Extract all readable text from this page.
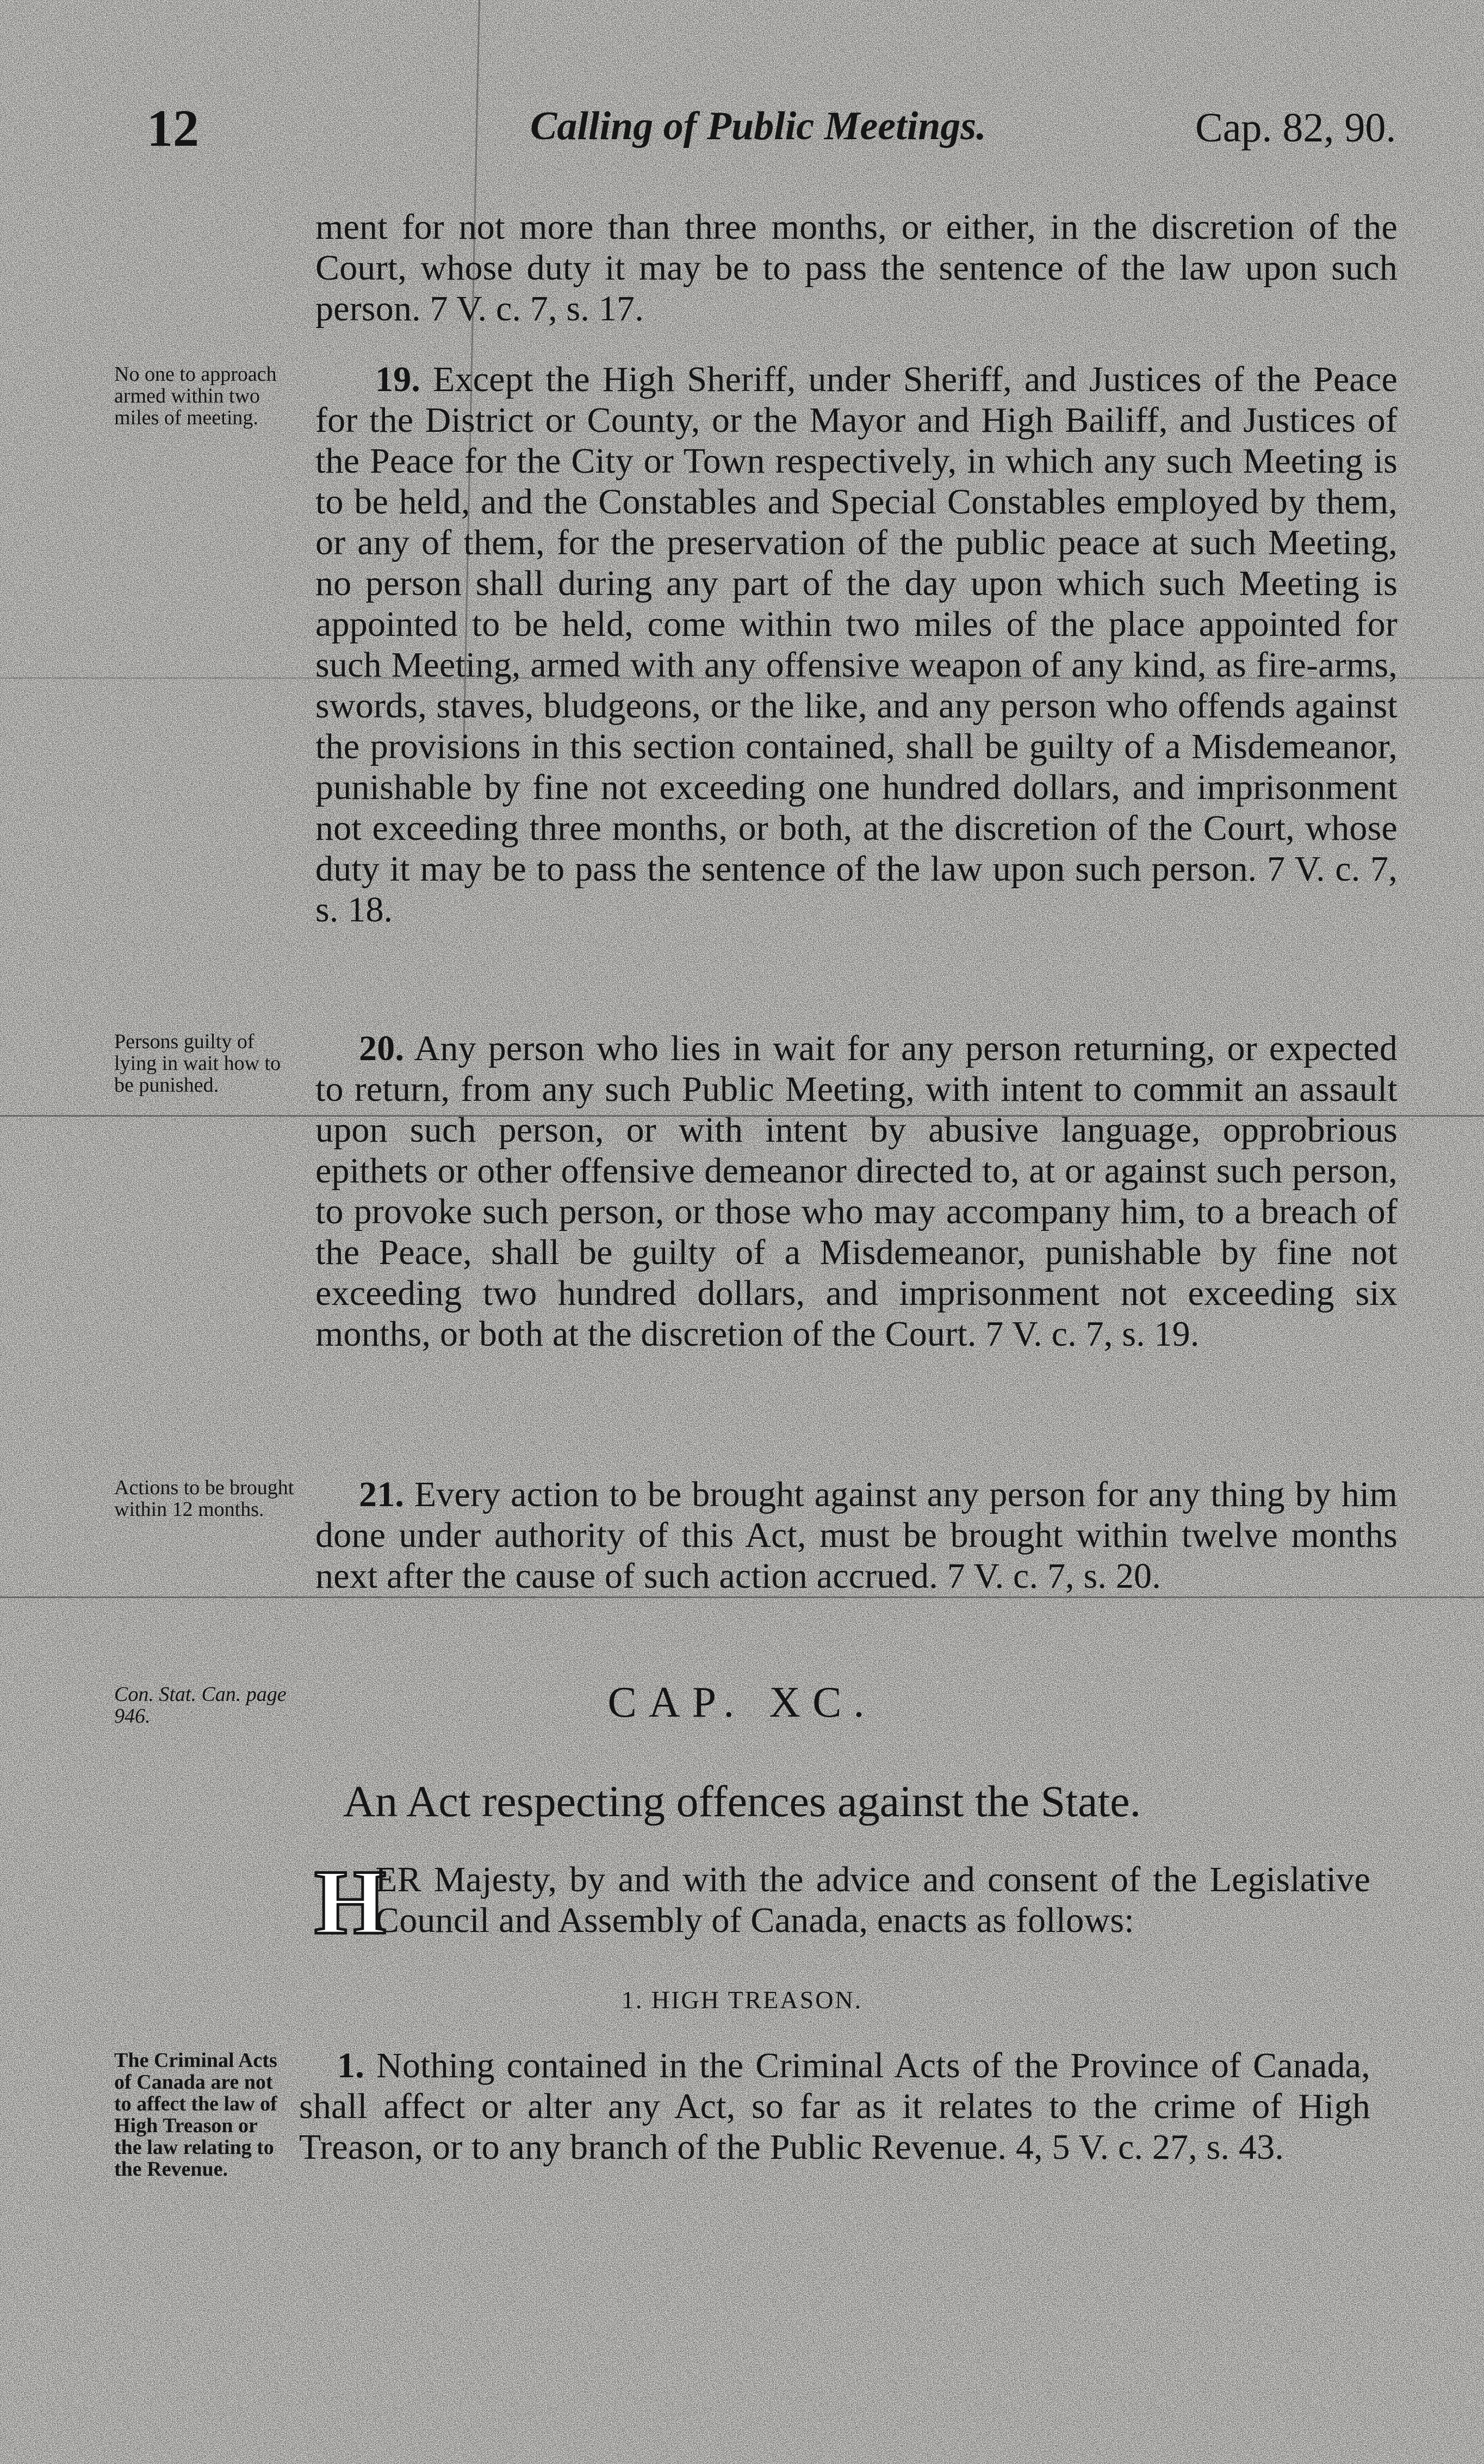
12	Calling of Public Meetings.	Cap. 82, 90.
ment for not more than three months, or either, in the discretion of the Court, whose duty it may be to pass the sentence of the law upon such person. 7 V. c. 7, s. 17.
No one to approach armed within two miles of meeting.
19. Except the High Sheriff, under Sheriff, and Justices of the Peace for the District or County, or the Mayor and High Bailiff, and Justices of the Peace for the City or Town respectively, in which any such Meeting is to be held, and the Constables and Special Constables employed by them, or any of them, for the preservation of the public peace at such Meeting, no person shall during any part of the day upon which such Meeting is appointed to be held, come within two miles of the place appointed for such Meeting, armed with any offensive weapon of any kind, as fire-arms, swords, staves, bludgeons, or the like, and any person who offends against the provisions in this section contained, shall be guilty of a Misdemeanor, punishable by fine not exceeding one hundred dollars, and imprisonment not exceeding three months, or both, at the discretion of the Court, whose duty it may be to pass the sentence of the law upon such person. 7 V. c. 7, s. 18.
Persons guilty of lying in wait how to be punished.
20. Any person who lies in wait for any person returning, or expected to return, from any such Public Meeting, with intent to commit an assault upon such person, or with intent by abusive language, opprobrious epithets or other offensive demeanor directed to, at or against such person, to provoke such person, or those who may accompany him, to a breach of the Peace, shall be guilty of a Misdemeanor, punishable by fine not exceeding two hundred dollars, and imprisonment not exceeding six months, or both at the discretion of the Court. 7 V. c. 7, s. 19.
Actions to be brought within 12 months.	21. Every action to be brought against any person for any thing by him done under authority of this Act, must be brought within twelve months next after the cause of such action accrued. 7 V. c. 7, s. 20.
Con. Stat. Can. page 946.	CAP. XC.
An Act respecting offences against the State.
H
ER Majesty, by and with the advice and consent of the Legislative Council and Assembly of Canada, enacts as follows:
1. HIGH TREASON.
The Criminal Acts of Canada are not to affect the law of High Treason or the law relating to the Revenue.
1. Nothing contained in the Criminal Acts of the Province of Canada, shall affect or alter any Act, so far as it relates to the crime of High Treason, or to any branch of the Public Revenue. 4, 5 V. c. 27, s. 43.
